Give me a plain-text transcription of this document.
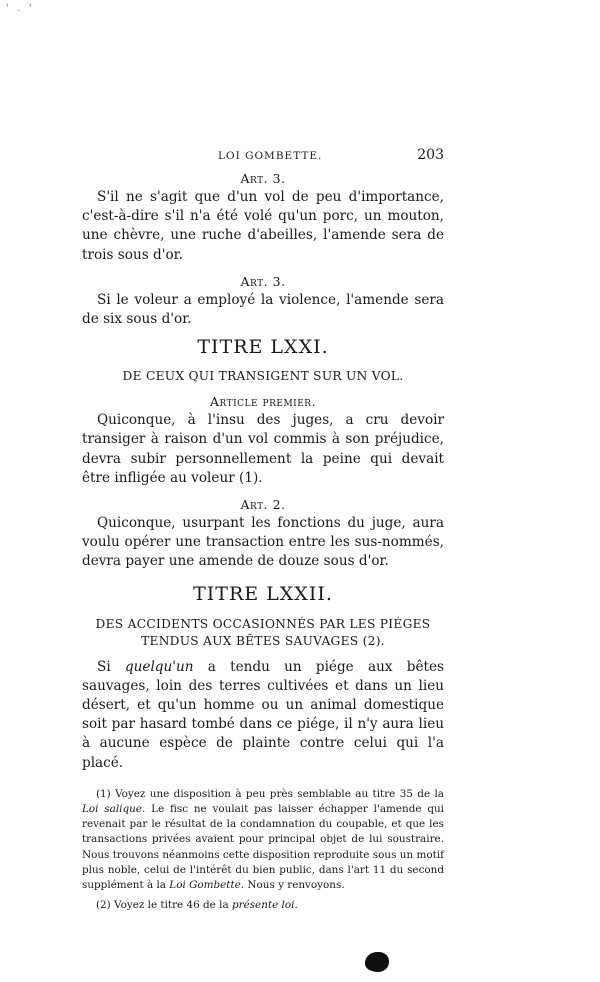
' . '
LOI GOMBETTE.	203
Art. 3.

S'il ne s'agit que d'un vol de peu d'importance, c'est-à-dire s'il n'a été volé qu'un porc, un mouton, une chèvre, une ruche d'abeilles, l'amende sera de trois sous d'or.

Art. 3.

Si le voleur a employé la violence, l'amende sera de six sous d'or.

TITRE LXXI.
DE CEUX QUI TRANSIGENT SUR UN VOL.
Article premier.

Quiconque, à l'insu des juges, a cru devoir transiger à raison d'un vol commis à son préjudice, devra subir personnellement la peine qui devait être infligée au voleur (1).

Art. 2.

Quiconque, usurpant les fonctions du juge, aura voulu opérer une transaction entre les sus-nommés, devra payer une amende de douze sous d'or.

TITRE LXXII.
DES ACCIDENTS OCCASIONNÉS PAR LES PIÉGES TENDUS AUX BÊTES SAUVAGES (2).

Si quelqu'un a tendu un piége aux bêtes sauvages, loin des terres cultivées et dans un lieu désert, et qu'un homme ou un animal domestique soit par hasard tombé dans ce piége, il n'y aura lieu à aucune espèce de plainte contre celui qui l'a placé.

(1) Voyez une disposition à peu près semblable au titre 35 de la Loi salique. Le fisc ne voulait pas laisser échapper l'amende qui revenait par le résultat de la condamnation du coupable, et que les transactions privées avaient pour principal objet de lui soustraire. Nous trouvons néanmoins cette disposition reproduite sous un motif plus noble, celui de l'intérêt du bien public, dans l'art 11 du second supplément à la Loi Gombette. Nous y renvoyons.
(2) Voyez le titre 46 de la présente loi.
